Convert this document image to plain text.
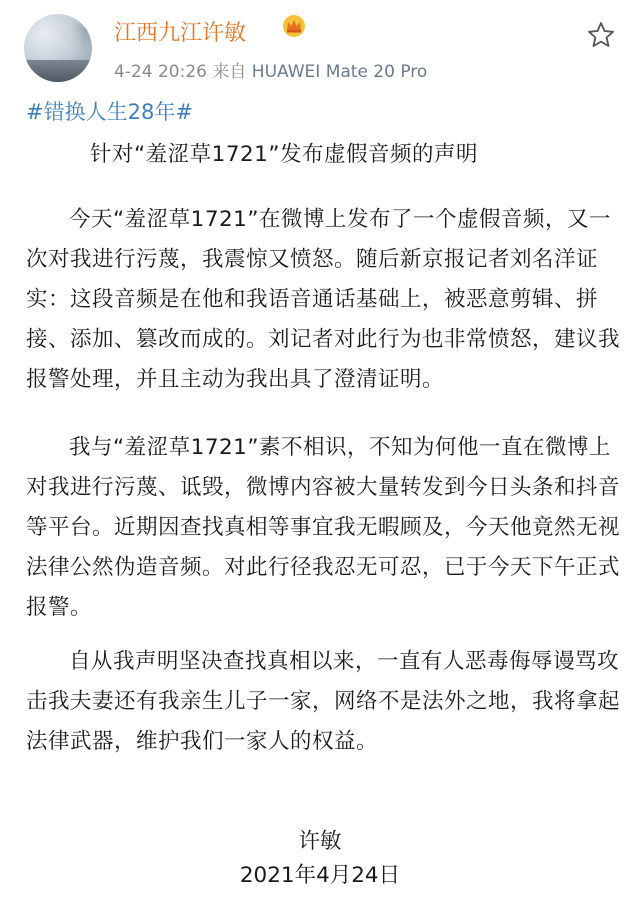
江西九江许敏
4-24 20:26 来自 HUAWEI Mate 20 Pro
#错换人生28年#
针对“羞涩草1721”发布虚假音频的声明
今天“羞涩草1721”在微博上发布了一个虚假音频，又一次对我进行污蔑，我震惊又愤怒。随后新京报记者刘名洋证实：这段音频是在他和我语音通话基础上，被恶意剪辑、拼接、添加、篡改而成的。刘记者对此行为也非常愤怒，建议我报警处理，并且主动为我出具了澄清证明。
我与“羞涩草1721”素不相识，不知为何他一直在微博上对我进行污蔑、诋毁，微博内容被大量转发到今日头条和抖音等平台。近期因查找真相等事宜我无暇顾及，今天他竟然无视法律公然伪造音频。对此行径我忍无可忍，已于今天下午正式报警。
自从我声明坚决查找真相以来，一直有人恶毒侮辱谩骂攻击我夫妻还有我亲生儿子一家，网络不是法外之地，我将拿起法律武器，维护我们一家人的权益。
许敏
2021年4月24日
